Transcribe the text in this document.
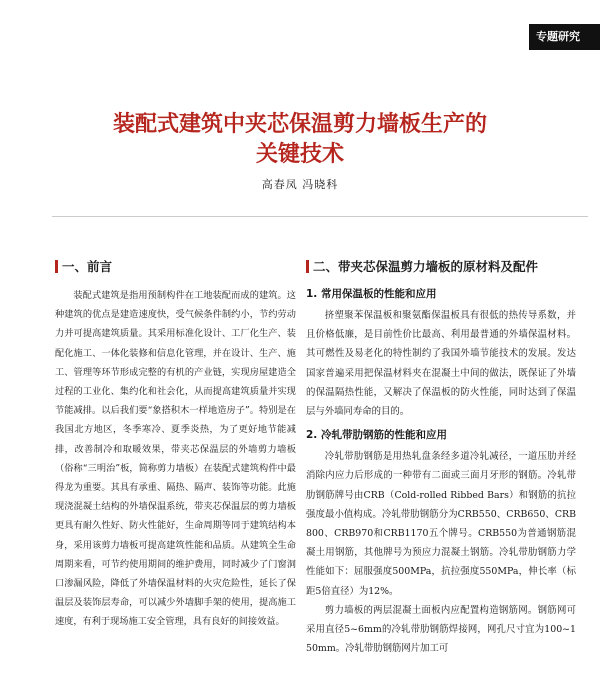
专题研究
装配式建筑中夹芯保温剪力墙板生产的
关键技术
高春凤 冯晓科
一、前言

装配式建筑是指用预制构件在工地装配而成的建筑。这种建筑的优点是建造速度快，受气候条件制约小，节约劳动力并可提高建筑质量。其采用标准化设计、工厂化生产、装配化施工、一体化装修和信息化管理，并在设计、生产、施工、管理等环节形成完整的有机的产业链，实现房屋建造全过程的工业化、集约化和社会化，从而提高建筑质量并实现节能减排。以后我们要“象搭积木一样地造房子”。特别是在我国北方地区，冬季寒冷、夏季炎热，为了更好地节能减排，改善制冷和取暖效果，带夹芯保温层的外墙剪力墙板（俗称“三明治”板，简称剪力墙板）在装配式建筑构件中最得龙为重要。其具有承重、隔热、隔声、装饰等功能。此施现浇混凝土结构的外墙保温系统，带夹芯保温层的剪力墙板更具有耐久性好、防火性能好，生命周期等同于建筑结构本身，采用该剪力墙板可提高建筑性能和品质。从建筑全生命周期来看，可节约使用期间的维护费用，同时减少了门窗洞口渗漏风险，降低了外墙保温材料的火灾危险性，延长了保温层及装饰层寿命，可以减少外墙脚手架的使用，提高施工速度，有利于现场施工安全管理，具有良好的间接效益。

二、带夹芯保温剪力墙板的原材料及配件
1. 常用保温板的性能和应用

挤塑聚苯保温板和聚氨酯保温板具有很低的热传导系数，并且价格低廉，是目前性价比最高、利用最普通的外墙保温材料。其可燃性及易老化的特性制约了我国外墙节能技术的发展。发达国家普遍采用把保温材料夹在混凝土中间的做法，既保证了外墙的保温隔热性能，又解决了保温板的防火性能，同时达到了保温层与外墙同寿命的目的。

2. 冷轧带肋钢筋的性能和应用

冷轧带肋钢筋是用热轧盘条经多道冷轧减径，一道压肋并经消除内应力后形成的一种带有二面或三面月牙形的钢筋。冷轧带肋钢筋牌号由CRB（Cold-rolled Ribbed Bars）和钢筋的抗拉强度最小值构成。冷轧带肋钢筋分为CRB550、CRB650、CRB800、CRB970和CRB1170五个牌号。CRB550为普通钢筋混凝土用钢筋，其他牌号为预应力混凝土钢筋。冷轧带肋钢筋力学性能如下：屈服强度500MPa，抗拉强度550MPa，伸长率（标距5倍直径）为12%。

剪力墙板的两层混凝土面板内应配置构造钢筋网。钢筋网可采用直径5~6mm的冷轧带肋钢筋焊接网，网孔尺寸宜为100~150mm。冷轧带肋钢筋网片加工可
